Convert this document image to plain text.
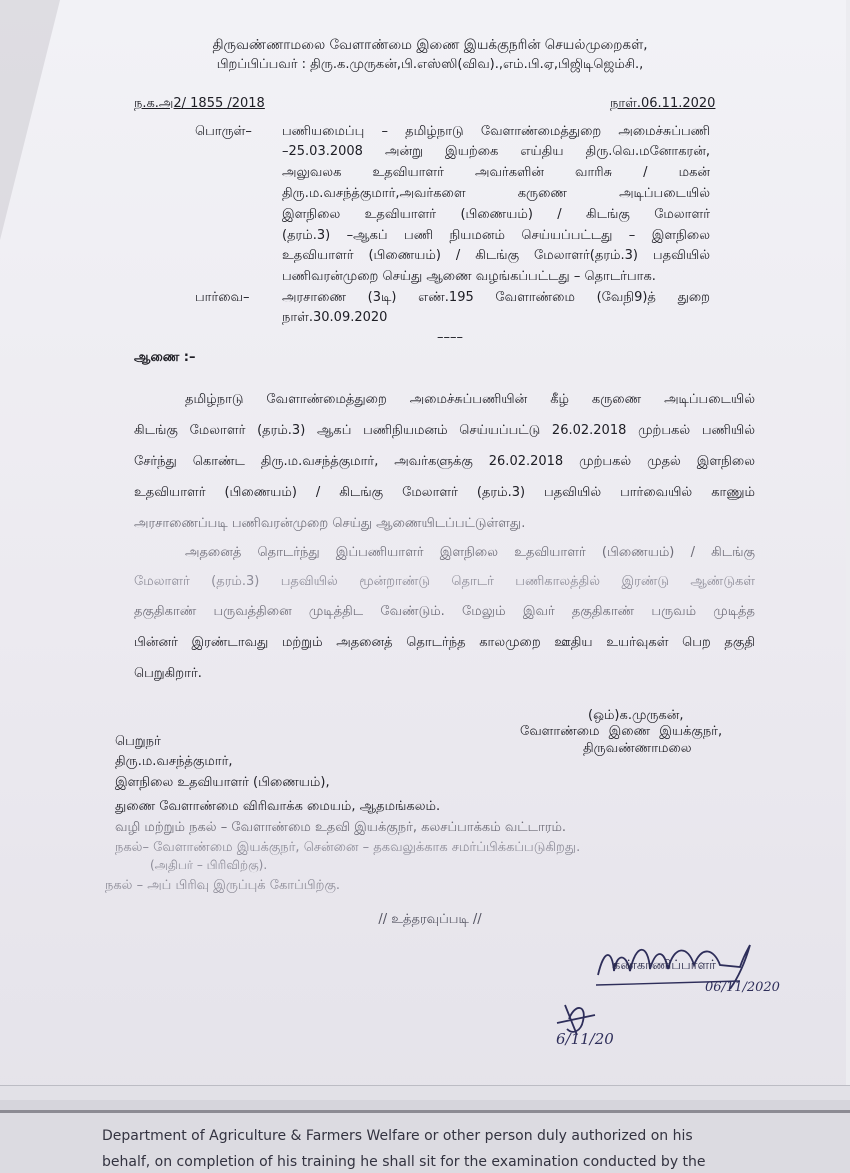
திருவண்ணாமலை வேளாண்மை இணை இயக்குநரின் செயல்முறைகள்,
பிறப்பிப்பவர் : திரு.க.முருகன்,பி.எஸ்ஸி(விவ).,எம்.பி.ஏ,பிஜிடிஜெம்சி.,
ந.க.அ2/ 1855 /2018	நாள்.06.11.2020
பொருள்– பணியமைப்பு – தமிழ்நாடு வேளாண்மைத்துறை அமைச்சுப்பணி
–25.03.2008 அன்று இயற்கை எய்திய திரு.வெ.மனோகரன்,
அலுவலக உதவியாளர் அவர்களின் வாரிசு / மகன்
திரு.ம.வசந்த்குமார்,அவர்களை கருணை அடிப்படையில்
இளநிலை உதவியாளர் (பிணையம்) / கிடங்கு மேலாளர்
(தரம்.3) –ஆகப் பணி நியமனம் செய்யப்பட்டது – இளநிலை
உதவியாளர் (பிணையம்) / கிடங்கு மேலாளர்(தரம்.3) பதவியில்
பணிவரன்முறை செய்து ஆணை வழங்கப்பட்டது – தொடர்பாக.
பார்வை– அரசாணை (3டி) எண்.195 வேளாண்மை (வேநி9)த் துறை
நாள்.30.09.2020
––––
ஆணை :–
தமிழ்நாடு வேளாண்மைத்துறை அமைச்சுப்பணியின் கீழ் கருணை அடிப்படையில்
கிடங்கு மேலாளர் (தரம்.3) ஆகப் பணிநியமனம் செய்யப்பட்டு 26.02.2018 முற்பகல் பணியில்
சேர்ந்து கொண்ட திரு.ம.வசந்த்குமார், அவர்களுக்கு 26.02.2018 முற்பகல் முதல் இளநிலை
உதவியாளர் (பிணையம்) / கிடங்கு மேலாளர் (தரம்.3) பதவியில் பார்வையில் காணும்
அரசாணைப்படி பணிவரன்முறை செய்து ஆணையிடப்பட்டுள்ளது.
அதனைத் தொடர்ந்து இப்பணியாளர் இளநிலை உதவியாளர் (பிணையம்) / கிடங்கு
மேலாளர் (தரம்.3) பதவியில் மூன்றாண்டு தொடர் பணிகாலத்தில் இரண்டு ஆண்டுகள்
தகுதிகாண் பருவத்தினை முடித்திட வேண்டும். மேலும் இவர் தகுதிகாண் பருவம் முடித்த
பின்னர் இரண்டாவது மற்றும் அதனைத் தொடர்ந்த காலமுறை ஊதிய உயர்வுகள் பெற தகுதி
பெறுகிறார்.
(ஒம்)க.முருகன்,
வேளாண்மை இணை இயக்குநர்,
திருவண்ணாமலை
பெறுநர்
திரு.ம.வசந்த்குமார்,
இளநிலை உதவியாளர் (பிணையம்),
துணை வேளாண்மை விரிவாக்க மையம், ஆதமங்கலம்.
வழி மற்றும் நகல் – வேளாண்மை உதவி இயக்குநர், கலசப்பாக்கம் வட்டாரம்.
நகல்– வேளாண்மை இயக்குநர், சென்னை – தகவலுக்காக சமர்ப்பிக்கப்படுகிறது.
(அதிபர் – பிரிவிற்கு).
நகல் – அப் பிரிவு இருப்புக் கோப்பிற்கு.
// உத்தரவுப்படி //
கண்காணிப்பாளர்
06/11/2020
6/11/20
Department of Agriculture & Farmers Welfare or other person duly authorized on his
behalf, on completion of his training he shall sit for the examination conducted by the
